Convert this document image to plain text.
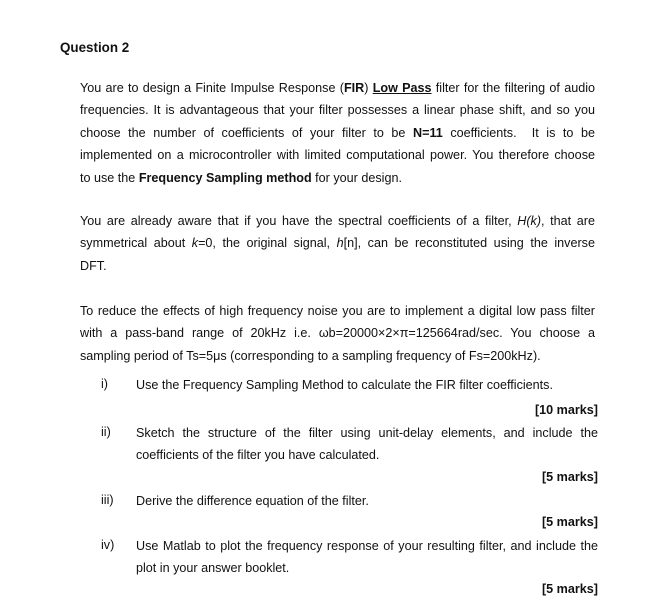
Question 2
You are to design a Finite Impulse Response (FIR) Low Pass filter for the filtering of audio
frequencies. It is advantageous that your filter possesses a linear phase shift, and so you
choose the number of coefficients of your filter to be N=11 coefficients.  It is to be
implemented on a microcontroller with limited computational power. You therefore choose
to use the Frequency Sampling method for your design.
You are already aware that if you have the spectral coefficients of a filter, H(k), that are
symmetrical about k=0, the original signal, h[n], can be reconstituted using the inverse
DFT.
To reduce the effects of high frequency noise you are to implement a digital low pass filter
with a pass-band range of 20kHz i.e. ωb=20000×2×π=125664rad/sec. You choose a
sampling period of Ts=5μs (corresponding to a sampling frequency of Fs=200kHz).
i) Use the Frequency Sampling Method to calculate the FIR filter coefficients.
[10 marks]
ii) Sketch the structure of the filter using unit-delay elements, and include the
coefficients of the filter you have calculated.
[5 marks]
iii) Derive the difference equation of the filter.
[5 marks]
iv) Use Matlab to plot the frequency response of your resulting filter, and include the
plot in your answer booklet.
[5 marks]
